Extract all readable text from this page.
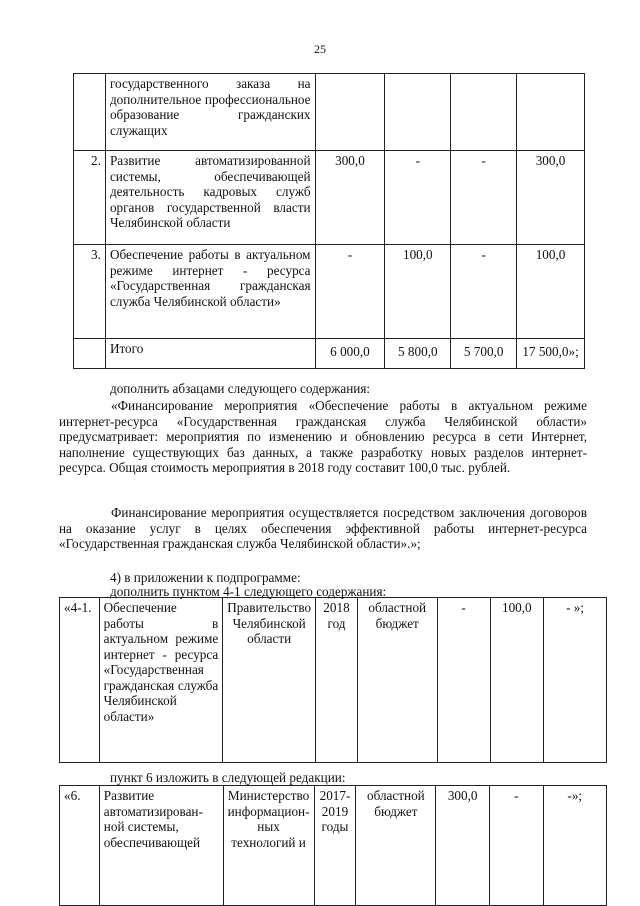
25
	государственного заказа на дополнительное профессиональное образование гражданских служащих				
2.	Развитие автоматизированной системы, обеспечивающей деятельность кадровых служб органов государственной власти Челябинской области	300,0	-	-	300,0
3.	Обеспечение работы в актуальном режиме интернет - ресурса «Государственная гражданская служба Челябинской области»	-	100,0	-	100,0
	Итого	6 000,0	5 800,0	5 700,0	17 500,0»;
дополнить абзацами следующего содержания:
«Финансирование мероприятия «Обеспечение работы в актуальном режиме интернет-ресурса «Государственная гражданская служба Челябинской области» предусматривает: мероприятия по изменению и обновлению ресурса в сети Интернет, наполнение существующих баз данных, а также разработку новых разделов интернет-ресурса. Общая стоимость мероприятия в 2018 году составит 100,0 тыс. рублей.
Финансирование мероприятия осуществляется посредством заключения договоров на оказание услуг в целях обеспечения эффективной работы интернет-ресурса «Государственная гражданская служба Челябинской области».»;
4) в приложении к подпрограмме:
дополнить пунктом 4-1 следующего содержания:
«4-1.	Обеспечение работы в актуальном режиме интернет - ресурса «Государственная гражданская служба Челябинской области»	Правительство Челябинской области	2018 год	областной бюджет	-	100,0	- »;
пункт 6 изложить в следующей редакции:
«6.	Развитие автоматизирован-ной системы, обеспечивающей	Министерство информацион-ных технологий и	2017-2019 годы	областной бюджет	300,0	-	-»;
